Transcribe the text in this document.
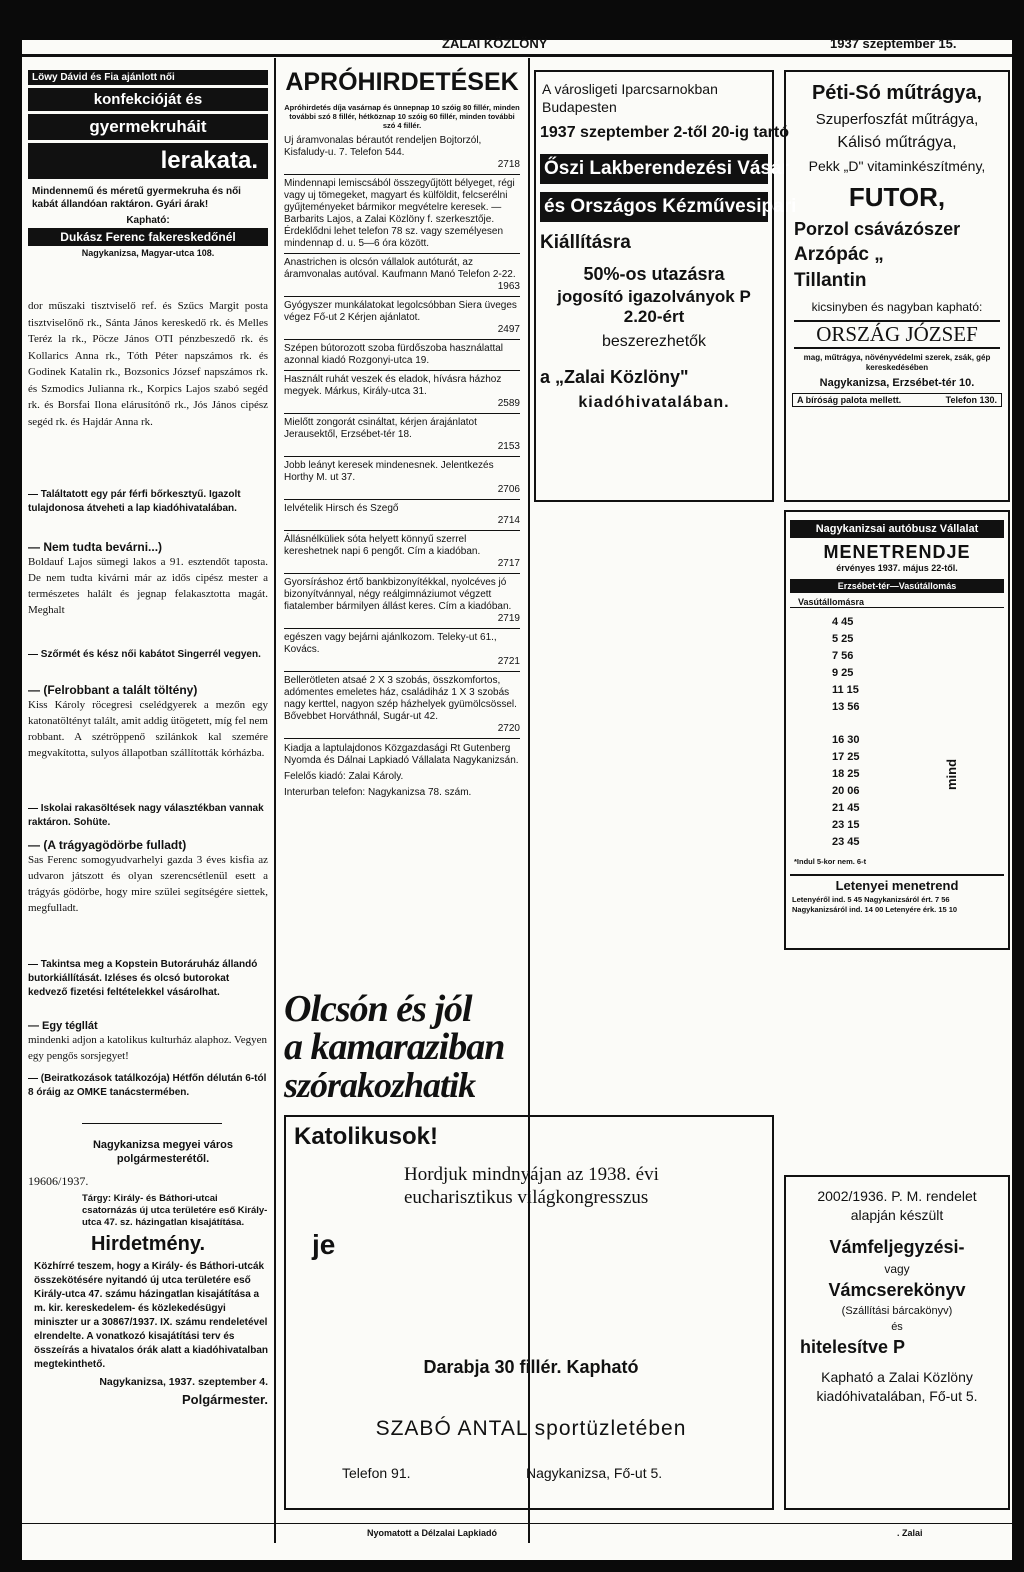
ZALAI KÖZLÖNY	1937 szeptember 15.
Löwy Dávid és Fia ajánlott női
konfekcióját és
gyermekruháit
lerakata.
Mindennemű és méretű gyermekruha és női kabát állandóan raktáron. Gyári árak!
Kapható:
Dukász Ferenc fakereskedőnél
Nagykanizsa, Magyar-utca 108.
dor műszaki tisztviselő ref. és Szűcs Margit posta tisztviselőnő rk., Sánta János kereskedő rk. és Melles Teréz la rk., Pöcze János OTI pénzbeszedő rk. és Kollarics Anna rk., Tóth Péter napszámos rk. és Godinek Katalin rk., Bozsonics József napszámos rk. és Szmodics Julianna rk., Korpics Lajos szabó segéd rk. és Borsfai Ilona elárusítónő rk., Jós János cipész segéd rk. és Hajdár Anna rk.
— Találtatott egy pár férfi bőrkesztyű. Igazolt tulajdonosa átveheti a lap kiadóhivatalában.
— Nem tudta bevárni...)
Boldauf Lajos sümegi lakos a 91. esztendőt taposta. De nem tudta kivárni már az idős cipész mester a természetes halált és jegnap felakasztotta magát. Meghalt
— Szőrmét és kész női kabátot Singerrél vegyen.
— (Felrobbant a talált töltény)
Kiss Károly röcegresi cselédgyerek a mezőn egy katonatöltényt talált, amit addig ütögetett, míg fel nem robbant. A szétröppenő szilánkok kal szemére megvakította, sulyos állapotban szállították kórházba.
— Iskolai rakasöltések nagy választékban vannak raktáron. Sohüte.
— (A trágyagödörbe fulladt)
Sas Ferenc somogyudvarhelyi gazda 3 éves kisfia az udvaron játszott és olyan szerencsétlenül esett a trágyás gödörbe, hogy mire szülei segítségére siettek, megfulladt.
— Takintsa meg a Kopstein Butoráruház állandó butorkiállítását. Izléses és olcsó butorokat kedvező fizetési feltételekkel vásárolhat.
— Egy tégllát
mindenki adjon a katolikus kulturház alaphoz. Vegyen egy pengős sorsjegyet!
— (Beiratkozások tatálkozója) Hétfőn délután 6-tól 8 óráig az OMKE tanácstermében.
Nagykanizsa megyei város polgármesterétől.
19606/1937.
Tárgy: Király- és Báthori-utcai csatornázás új utca területére eső Király-utca 47. sz. házingatlan kisajátítása.
Hirdetmény.
Közhírré teszem, hogy a Király- és Báthori-utcák összekötésére nyitandó új utca területére eső Király-utca 47. számu házingatlan kisajátítása a m. kir. kereskedelem- és közlekedésügyi miniszter ur a 30867/1937. IX. számu rendeletével elrendelte. A vonatkozó kisajátítási terv és összeírás a hivatalos órák alatt a kiadóhivatalban megtekinthető.
Nagykanizsa, 1937. szeptember 4.
Polgármester.
APRÓHIRDETÉSEK
Apróhirdetés díja vasárnap és ünnepnap 10 szóig 80 fillér, minden további szó 8 fillér, hétköznap 10 szóig 60 fillér, minden további szó 4 fillér.
Uj áramvonalas bérautót rendeljen Bojtorzól, Kisfaludy-u. 7. Telefon 544.
2718
Mindennapi lemiscsából összegyűjtött bélyeget, régi vagy uj tömegeket, magyart és külföldit, felcserélni gyűjteményeket bármikor megvételre keresek. — Barbarits Lajos, a Zalai Közlöny f. szerkesztője. Érdeklődni lehet telefon 78 sz. vagy személyesen mindennap d. u. 5—6 óra között.
Anastrichen is olcsón vállalok autóturát, az áramvonalas autóval. Kaufmann Manó Telefon 2-22.
1963
Gyógyszer munkálatokat legolcsóbban Siera üveges végez Fő-ut 2 Kérjen ajánlatot.
2497
Szépen bútorozott szoba fürdőszoba használattal azonnal kiadó Rozgonyi-utca 19.
Használt ruhát veszek és eladok, hívásra házhoz megyek. Márkus, Király-utca 31.
2589
Mielőtt zongorát csináltat, kérjen árajánlatot Jerausektől, Erzsébet-tér 18.
2153
Jobb leányt keresek mindenesnek. Jelentkezés Horthy M. ut 37.
2706
Ielvételik Hirsch és Szegő
2714
Állásnélküliek sóta helyett könnyű szerrel kereshetnek napi 6 pengőt. Cím a kiadóban.
2717
Gyorsíráshoz értő bankbizonyítékkal, nyolcéves jó bizonyítvánnyal, négy reálgimnáziumot végzett fiatalember bármilyen állást keres. Cím a kiadóban.
2719
egészen vagy bejárni ajánlkozom. Teleky-ut 61., Kovács.
2721
Bellerötleten atsaé 2 X 3 szobás, összkomfortos, adómentes emeletes ház, családiház 1 X 3 szobás nagy kerttel, nagyon szép házhelyek gyümölcsössel. Bővebbet Horváthnál, Sugár-ut 42.
2720
Kiadja a laptulajdonos Közgazdasági Rt Gutenberg Nyomda és Dálnai Lapkiadó Vállalata Nagykanizsán.
Felelős kiadó: Zalai Károly.
Interurban telefon: Nagykanizsa 78. szám.
Olcsón és jól
a kamaraziban
szórakozhatik
A városligeti Iparcsarnokban Budapesten
1937 szeptember 2-től 20-ig tartó
Őszi Lakberendezési Vásár
és Országos Kézművesipari
Kiállításra
50%-os utazásra
jogosító igazolványok P 2.20-ért
beszerezhetők
a „Zalai Közlöny"
kiadóhivatalában.
Péti-Só műtrágya,
Szuperfoszfát műtrágya,
Kálisó műtrágya,
Pekk „D" vitaminkészítmény,
FUTOR,
Porzol csávázószer
Arzópác „
Tillantin
kicsinyben és nagyban kapható:
ORSZÁG JÓZSEF
mag, műtrágya, növényvédelmi szerek, zsák, gép kereskedésében
Nagykanizsa, Erzsébet-tér 10.
A bíróság palota mellett.	Telefon 130.
Nagykanizsai autóbusz Vállalat
MENETRENDJE
érvényes 1937. május 22-től.
Erzsébet-tér—Vasútállomás
Vasútállomásra
4 45
5 25
7 56
9 25
11 15
13 56
16 30
17 25
18 25
20 06
21 45
23 15
23 45
mind
*Indul 5-kor nem. 6-t
Letenyei menetrend
Letenyéről ind. 5 45 Nagykanizsáról ért. 7 56
Nagykanizsáról ind. 14 00 Letenyére érk. 15 10
Katolikusok!
Hordjuk mindnyájan az 1938. évi eucharisztikus világkongresszus
je
Darabja 30 fillér. Kapható
SZABÓ ANTAL sportüzletében
Telefon 91.	Nagykanizsa, Fő-ut 5.
2002/1936. P. M. rendelet alapján készült
Vámfeljegyzési-
vagy
Vámcserekönyv
(Szállítási bárcakönyv)
és
hitelesítve P
Kapható a Zalai Közlöny kiadóhivatalában, Fő-ut 5.
Nyomatott a Délzalai Lapkiadó	. Zalai
